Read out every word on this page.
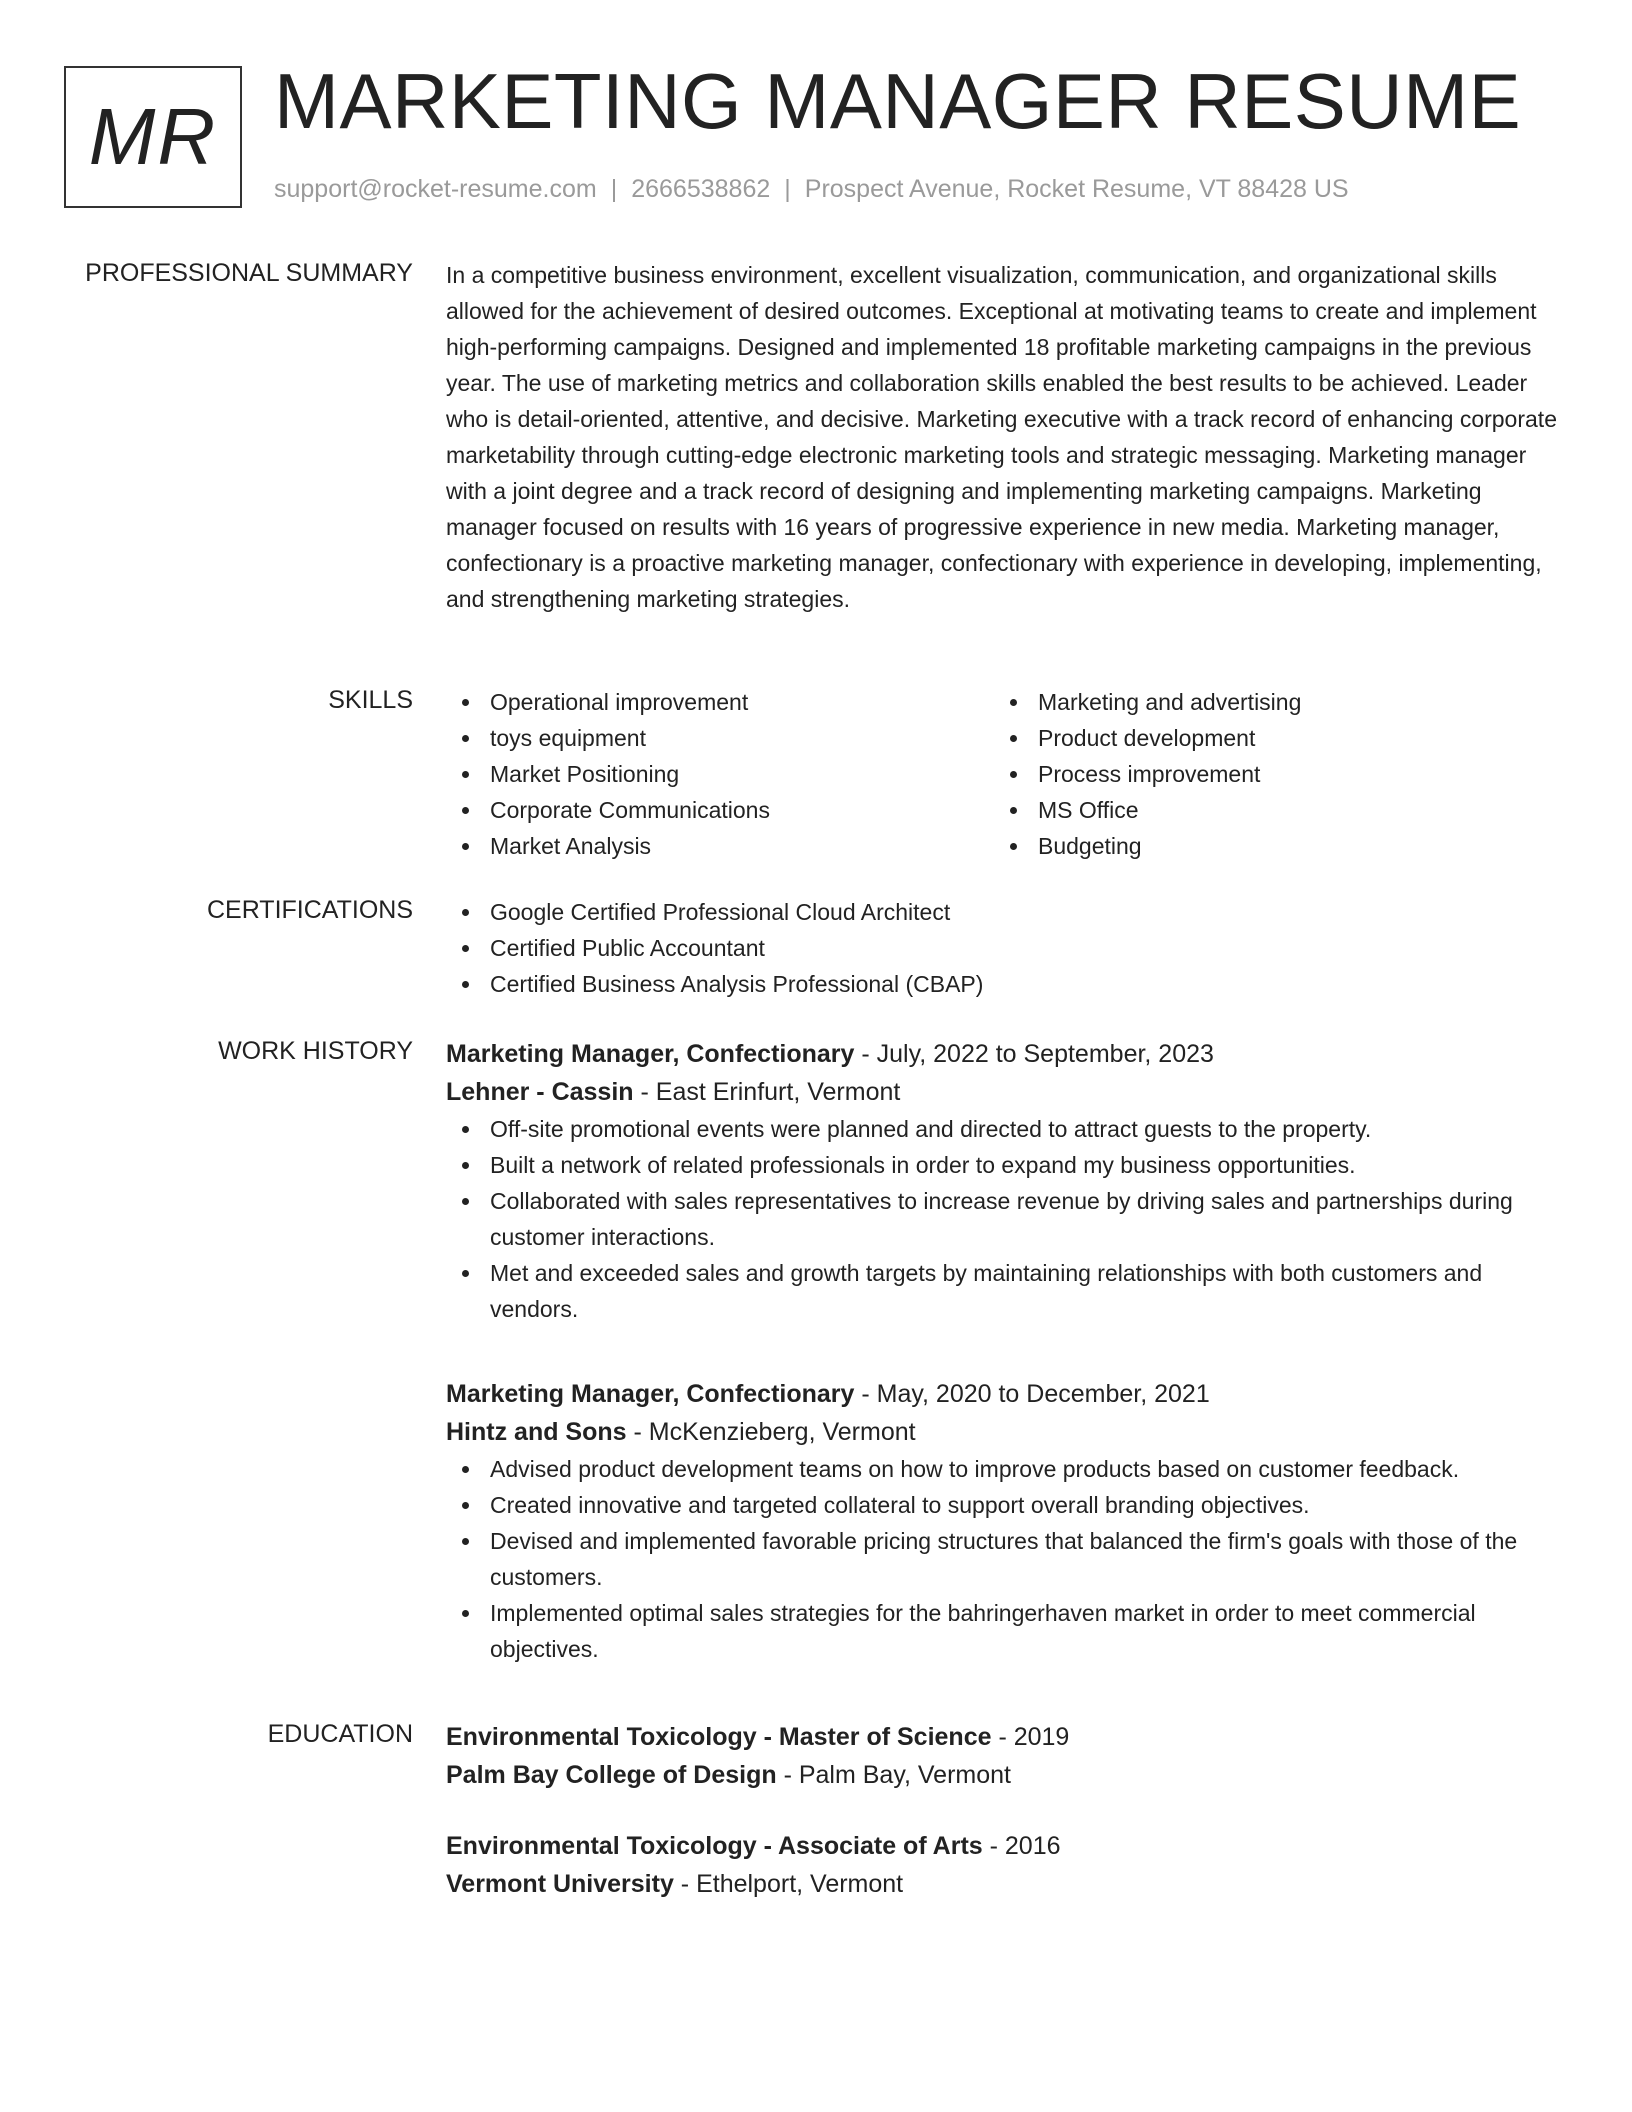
MR MARKETING MANAGER RESUME
support@rocket-resume.com | 2666538862 | Prospect Avenue, Rocket Resume, VT 88428 US
PROFESSIONAL SUMMARY In a competitive business environment, excellent visualization, communication, and organizational skills allowed for the achievement of desired outcomes. Exceptional at motivating teams to create and implement high-performing campaigns. Designed and implemented 18 profitable marketing campaigns in the previous year. The use of marketing metrics and collaboration skills enabled the best results to be achieved. Leader who is detail-oriented, attentive, and decisive. Marketing executive with a track record of enhancing corporate marketability through cutting-edge electronic marketing tools and strategic messaging. Marketing manager with a joint degree and a track record of designing and implementing marketing campaigns. Marketing manager focused on results with 16 years of progressive experience in new media. Marketing manager, confectionary is a proactive marketing manager, confectionary with experience in developing, implementing, and strengthening marketing strategies.

SKILLS	Operational improvement
toys equipment
Market Positioning
Corporate Communications
Market Analysis
Marketing and advertising
Product development
Process improvement
MS Office
Budgeting
CERTIFICATIONS	Google Certified Professional Cloud Architect
Certified Public Accountant
Certified Business Analysis Professional (CBAP)
WORK HISTORY Marketing Manager, Confectionary - July, 2022 to September, 2023
Lehner - Cassin - East Erinfurt, Vermont
Off-site promotional events were planned and directed to attract guests to the property.
Built a network of related professionals in order to expand my business opportunities.
Collaborated with sales representatives to increase revenue by driving sales and partnerships during customer interactions.
Met and exceeded sales and growth targets by maintaining relationships with both customers and vendors.
Marketing Manager, Confectionary - May, 2020 to December, 2021
Hintz and Sons - McKenzieberg, Vermont
Advised product development teams on how to improve products based on customer feedback.
Created innovative and targeted collateral to support overall branding objectives.
Devised and implemented favorable pricing structures that balanced the firm's goals with those of the customers.
Implemented optimal sales strategies for the bahringerhaven market in order to meet commercial objectives.
EDUCATION Environmental Toxicology - Master of Science - 2019
Palm Bay College of Design - Palm Bay, Vermont
Environmental Toxicology - Associate of Arts - 2016
Vermont University - Ethelport, Vermont
